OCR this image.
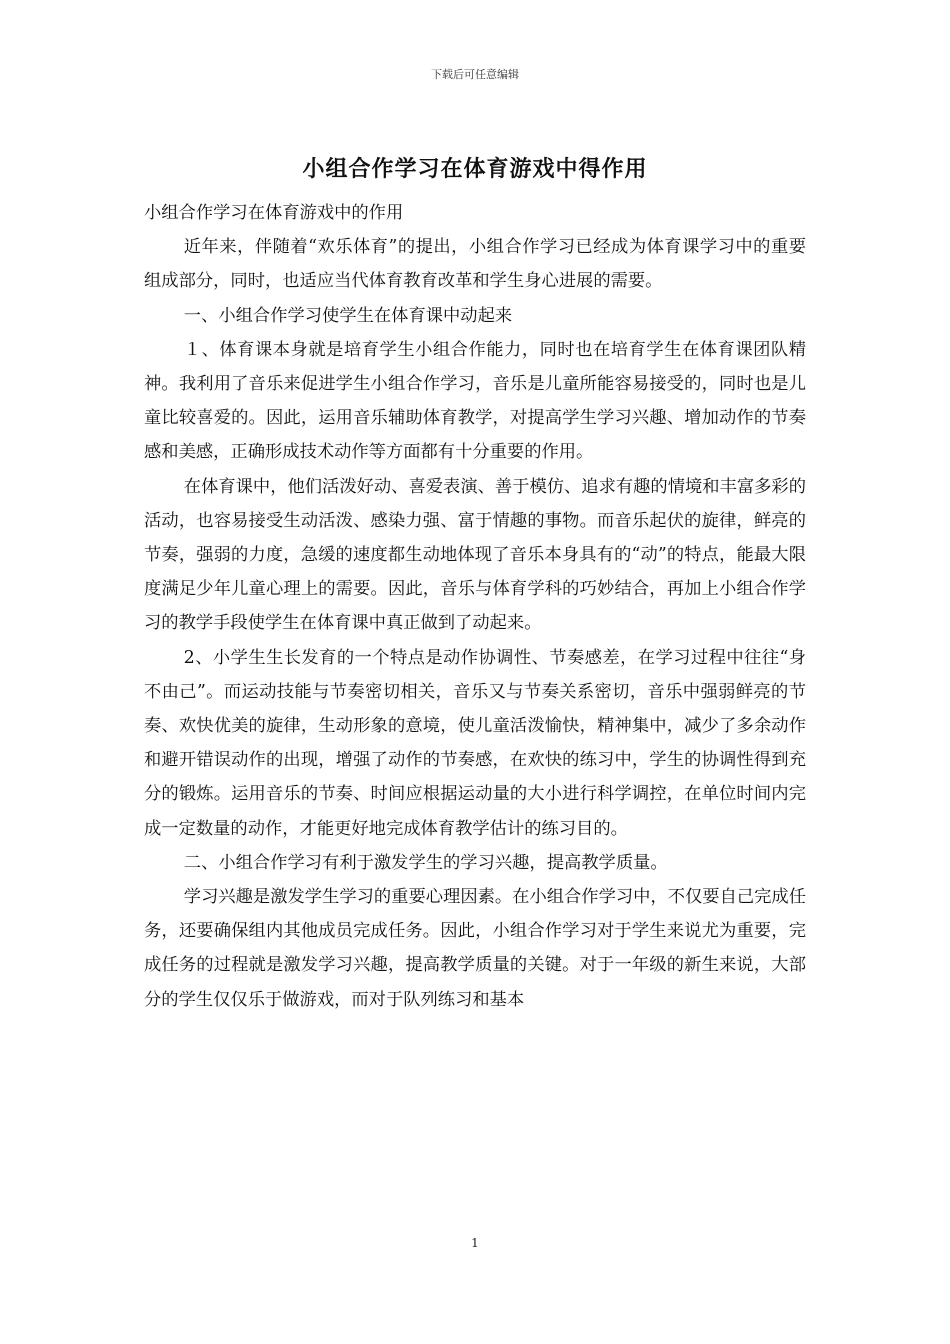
下载后可任意编辑
小组合作学习在体育游戏中得作用

小组合作学习在体育游戏中的作用

近年来，伴随着“欢乐体育”的提出，小组合作学习已经成为体育课学习中的重要组成部分，同时，也适应当代体育教育改革和学生身心进展的需要。

一、小组合作学习使学生在体育课中动起来

１、体育课本身就是培育学生小组合作能力，同时也在培育学生在体育课团队精神。我利用了音乐来促进学生小组合作学习，音乐是儿童所能容易接受的，同时也是儿童比较喜爱的。因此，运用音乐辅助体育教学，对提高学生学习兴趣、增加动作的节奏感和美感，正确形成技术动作等方面都有十分重要的作用。

在体育课中，他们活泼好动、喜爱表演、善于模仿、追求有趣的情境和丰富多彩的活动，也容易接受生动活泼、感染力强、富于情趣的事物。而音乐起伏的旋律，鲜亮的节奏，强弱的力度，急缓的速度都生动地体现了音乐本身具有的“动”的特点，能最大限度满足少年儿童心理上的需要。因此，音乐与体育学科的巧妙结合，再加上小组合作学习的教学手段使学生在体育课中真正做到了动起来。

2、小学生生长发育的一个特点是动作协调性、节奏感差，在学习过程中往往“身不由己”。而运动技能与节奏密切相关，音乐又与节奏关系密切，音乐中强弱鲜亮的节奏、欢快优美的旋律，生动形象的意境，使儿童活泼愉快，精神集中，减少了多余动作和避开错误动作的出现，增强了动作的节奏感，在欢快的练习中，学生的协调性得到充分的锻炼。运用音乐的节奏、时间应根据运动量的大小进行科学调控，在单位时间内完成一定数量的动作，才能更好地完成体育教学估计的练习目的。

二、小组合作学习有利于激发学生的学习兴趣，提高教学质量。

学习兴趣是激发学生学习的重要心理因素。在小组合作学习中，不仅要自己完成任务，还要确保组内其他成员完成任务。因此，小组合作学习对于学生来说尤为重要，完成任务的过程就是激发学习兴趣，提高教学质量的关键。对于一年级的新生来说，大部分的学生仅仅乐于做游戏，而对于队列练习和基本

1
